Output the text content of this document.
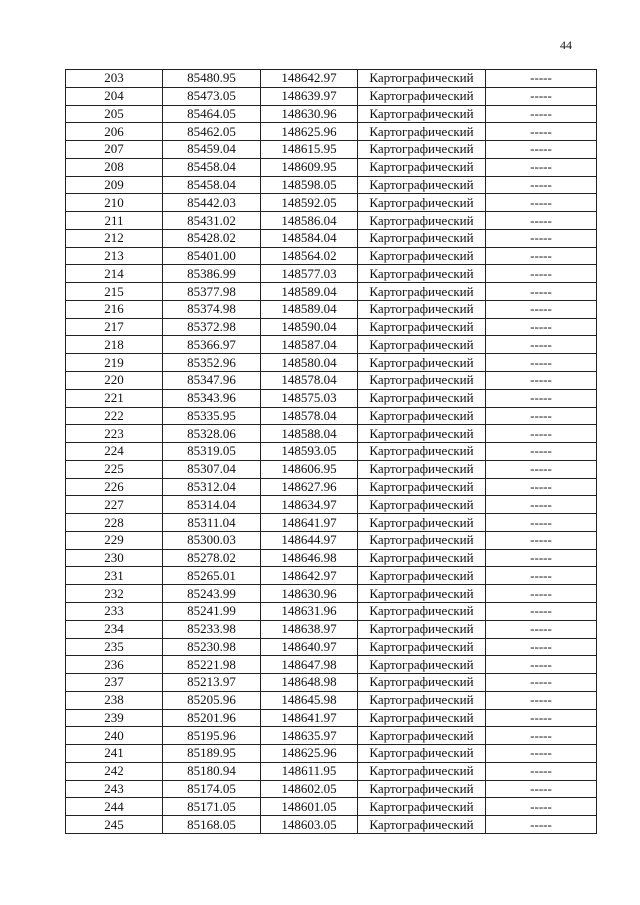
44
203	85480.95	148642.97	Картографический	-----
204	85473.05	148639.97	Картографический	-----
205	85464.05	148630.96	Картографический	-----
206	85462.05	148625.96	Картографический	-----
207	85459.04	148615.95	Картографический	-----
208	85458.04	148609.95	Картографический	-----
209	85458.04	148598.05	Картографический	-----
210	85442.03	148592.05	Картографический	-----
211	85431.02	148586.04	Картографический	-----
212	85428.02	148584.04	Картографический	-----
213	85401.00	148564.02	Картографический	-----
214	85386.99	148577.03	Картографический	-----
215	85377.98	148589.04	Картографический	-----
216	85374.98	148589.04	Картографический	-----
217	85372.98	148590.04	Картографический	-----
218	85366.97	148587.04	Картографический	-----
219	85352.96	148580.04	Картографический	-----
220	85347.96	148578.04	Картографический	-----
221	85343.96	148575.03	Картографический	-----
222	85335.95	148578.04	Картографический	-----
223	85328.06	148588.04	Картографический	-----
224	85319.05	148593.05	Картографический	-----
225	85307.04	148606.95	Картографический	-----
226	85312.04	148627.96	Картографический	-----
227	85314.04	148634.97	Картографический	-----
228	85311.04	148641.97	Картографический	-----
229	85300.03	148644.97	Картографический	-----
230	85278.02	148646.98	Картографический	-----
231	85265.01	148642.97	Картографический	-----
232	85243.99	148630.96	Картографический	-----
233	85241.99	148631.96	Картографический	-----
234	85233.98	148638.97	Картографический	-----
235	85230.98	148640.97	Картографический	-----
236	85221.98	148647.98	Картографический	-----
237	85213.97	148648.98	Картографический	-----
238	85205.96	148645.98	Картографический	-----
239	85201.96	148641.97	Картографический	-----
240	85195.96	148635.97	Картографический	-----
241	85189.95	148625.96	Картографический	-----
242	85180.94	148611.95	Картографический	-----
243	85174.05	148602.05	Картографический	-----
244	85171.05	148601.05	Картографический	-----
245	85168.05	148603.05	Картографический	-----
